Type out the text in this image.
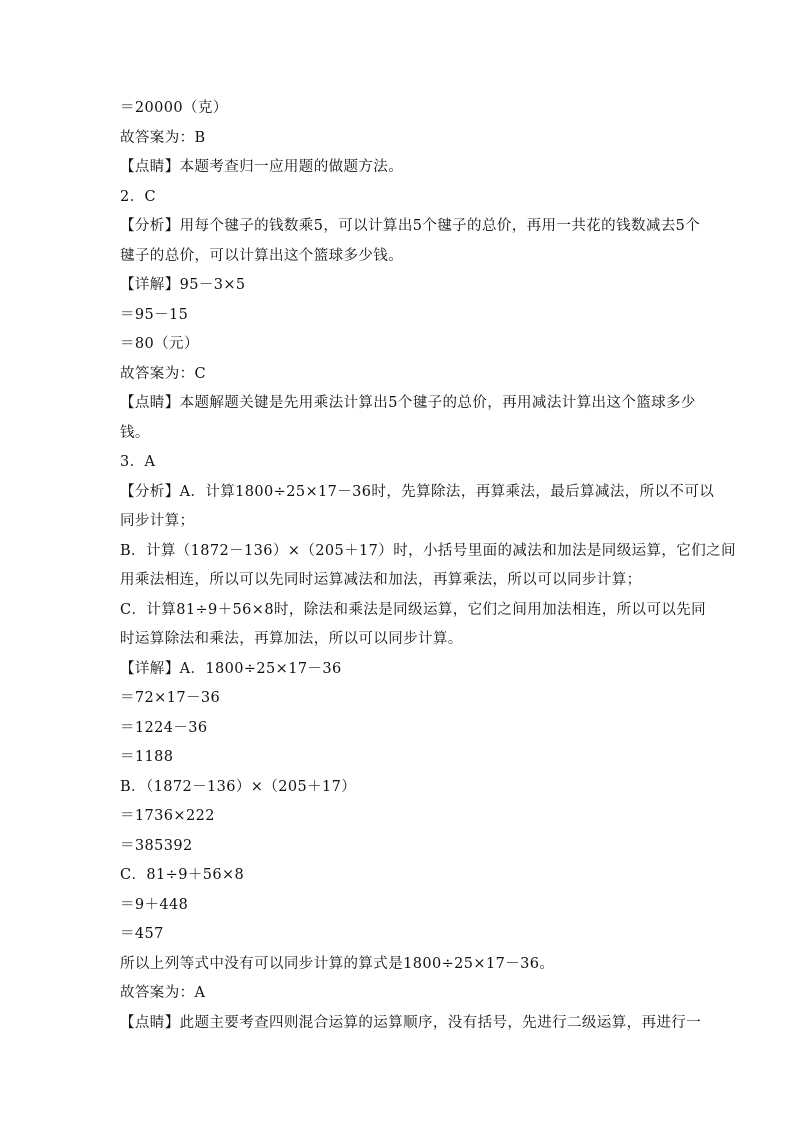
＝20000（克）
故答案为：B
【点睛】本题考查归一应用题的做题方法。
2．C
【分析】用每个毽子的钱数乘5，可以计算出5个毽子的总价，再用一共花的钱数减去5个
毽子的总价，可以计算出这个篮球多少钱。
【详解】95－3×5
＝95－15
＝80（元）
故答案为：C
【点睛】本题解题关键是先用乘法计算出5个毽子的总价，再用减法计算出这个篮球多少
钱。
3．A
【分析】A．计算1800÷25×17－36时，先算除法，再算乘法，最后算减法，所以不可以
同步计算；
B．计算（1872－136）×（205＋17）时，小括号里面的减法和加法是同级运算，它们之间
用乘法相连，所以可以先同时运算减法和加法，再算乘法，所以可以同步计算；
C．计算81÷9＋56×8时，除法和乘法是同级运算，它们之间用加法相连，所以可以先同
时运算除法和乘法，再算加法，所以可以同步计算。
【详解】A．1800÷25×17－36
＝72×17－36
＝1224－36
＝1188
B．（1872－136）×（205＋17）
＝1736×222
＝385392
C．81÷9＋56×8
＝9＋448
＝457
所以上列等式中没有可以同步计算的算式是1800÷25×17－36。
故答案为：A
【点睛】此题主要考查四则混合运算的运算顺序，没有括号，先进行二级运算，再进行一
